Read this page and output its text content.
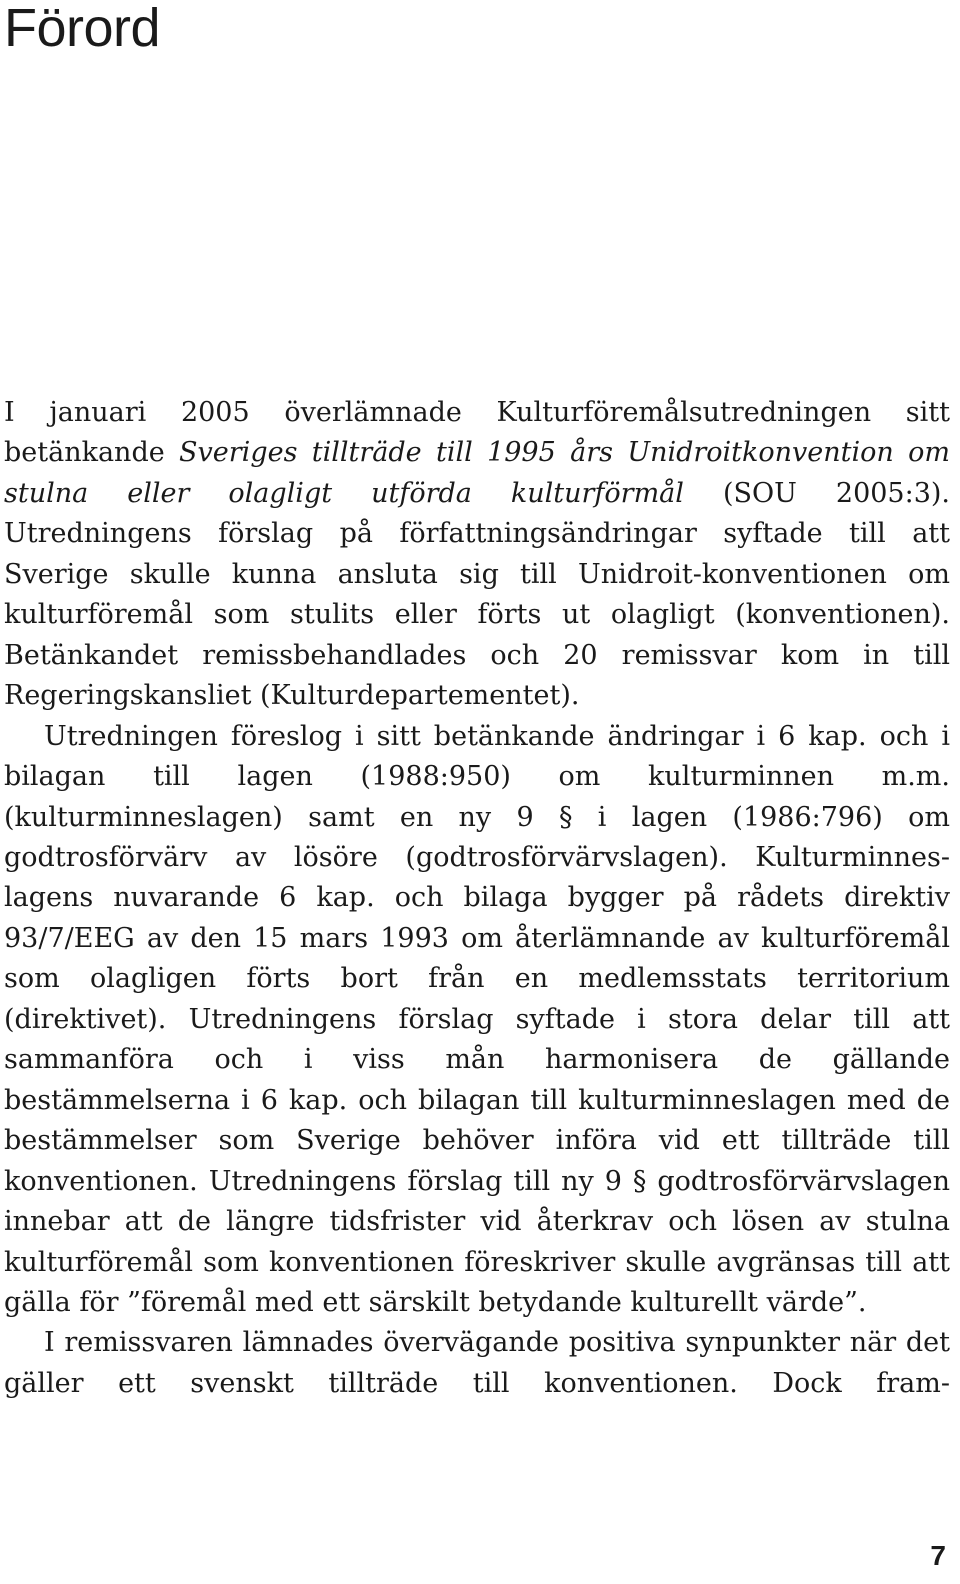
Förord

I januari 2005 överlämnade Kulturföremålsutredningen sitt betänkande Sveriges tillträde till 1995 års Unidroitkonvention om stulna eller olagligt utförda kulturförmål (SOU 2005:3). Utredningens förslag på författningsändringar syftade till att Sverige skulle kunna ansluta sig till Unidroit-konventionen om kulturföremål som stulits eller förts ut olagligt (konventionen). Betänkandet remissbehandlades och 20 remissvar kom in till Regeringskansliet (Kulturdepartementet).

Utredningen föreslog i sitt betänkande ändringar i 6 kap. och i bilagan till lagen (1988:950) om kulturminnen m.m. (kulturminneslagen) samt en ny 9 § i lagen (1986:796) om godtrosförvärv av lösöre (godtrosförvärvslagen). Kulturminneslagens nuvarande 6 kap. och bilaga bygger på rådets direktiv 93/7/EEG av den 15 mars 1993 om återlämnande av kulturföremål som olagligen förts bort från en medlemsstats territorium (direktivet). Utredningens förslag syftade i stora delar till att sammanföra och i viss mån harmonisera de gällande bestämmelserna i 6 kap. och bilagan till kulturminneslagen med de bestämmelser som Sverige behöver införa vid ett tillträde till konventionen. Utredningens förslag till ny 9 § godtrosförvärvslagen innebar att de längre tidsfrister vid återkrav och lösen av stulna kulturföremål som konventionen föreskriver skulle avgränsas till att gälla för ”föremål med ett särskilt betydande kulturellt värde”.

I remissvaren lämnades övervägande positiva synpunkter när det gäller ett svenskt tillträde till konventionen. Dock fram-

7
